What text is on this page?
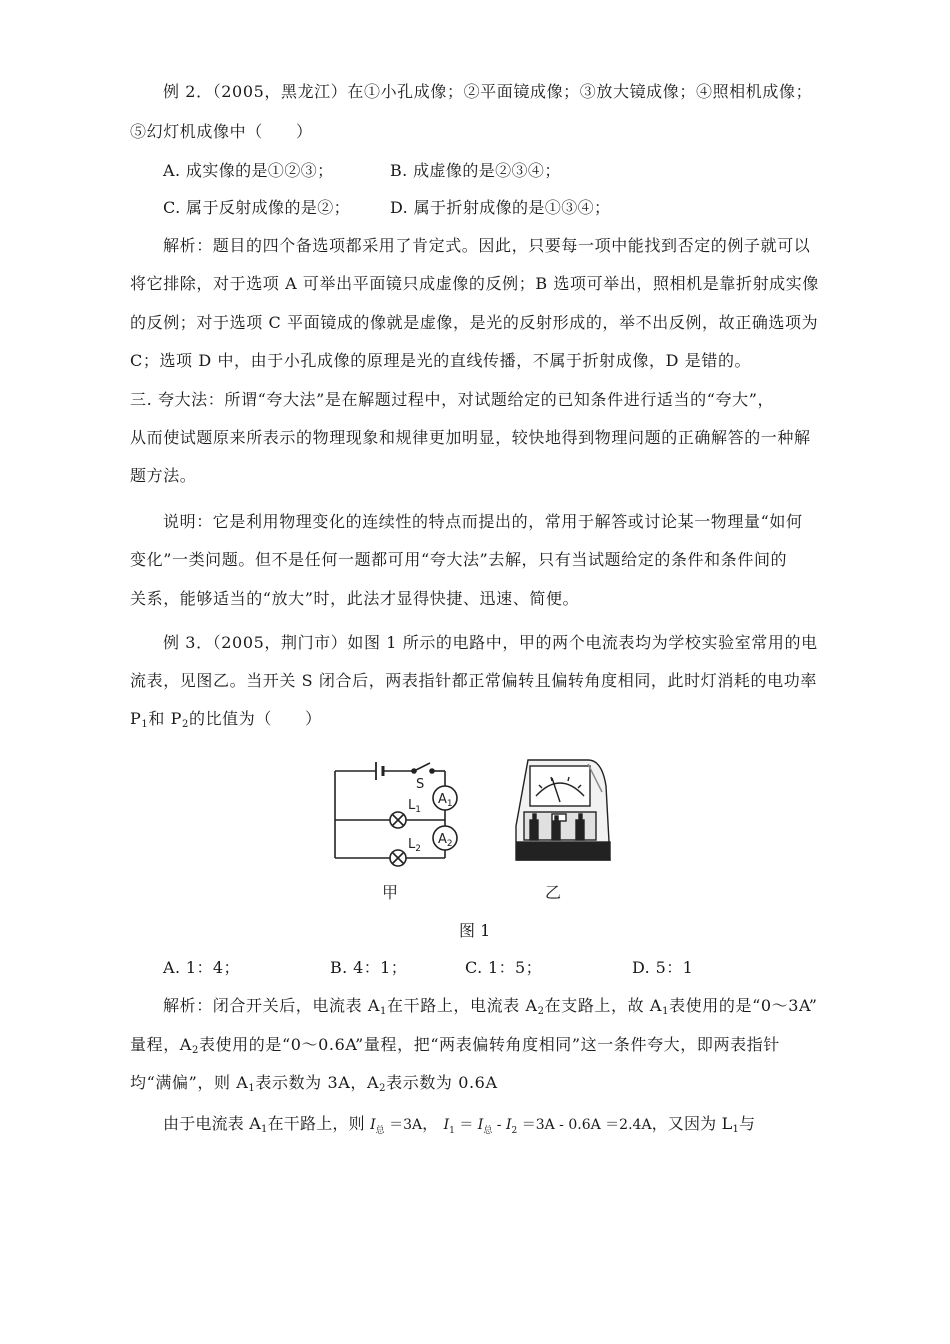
例 2．（2005，黑龙江）在①小孔成像；②平面镜成像；③放大镜成像；④照相机成像；
⑤幻灯机成像中（　　）
A. 成实像的是①②③；	B. 成虚像的是②③④；
C. 属于反射成像的是②； D. 属于折射成像的是①③④；
解析：题目的四个备选项都采用了肯定式。因此，只要每一项中能找到否定的例子就可以
将它排除，对于选项 A 可举出平面镜只成虚像的反例；B 选项可举出，照相机是靠折射成实像
的反例；对于选项 C 平面镜成的像就是虚像，是光的反射形成的，举不出反例，故正确选项为
C；选项 D 中，由于小孔成像的原理是光的直线传播，不属于折射成像，D 是错的。
三. 夸大法：所谓“夸大法”是在解题过程中，对试题给定的已知条件进行适当的“夸大”，
从而使试题原来所表示的物理现象和规律更加明显，较快地得到物理问题的正确解答的一种解
题方法。
说明：它是利用物理变化的连续性的特点而提出的，常用于解答或讨论某一物理量“如何
变化”一类问题。但不是任何一题都可用“夸大法”去解，只有当试题给定的条件和条件间的
关系，能够适当的“放大”时，此法才显得快捷、迅速、简便。
例 3．（2005，荆门市）如图 1 所示的电路中，甲的两个电流表均为学校实验室常用的电
流表，见图乙。当开关 S 闭合后，两表指针都正常偏转且偏转角度相同，此时灯消耗的电功率
$P_1$和 $P_2$的比值为（　　）
S
$A_1$
$A_2$
$L_1$
$L_2$
甲	乙
图 1
A. 1：4；	B. 4：1；	C. 1：5；	D. 5：1
解析：闭合开关后，电流表 $A_1$在干路上，电流表 $A_2$在支路上，故 $A_1$表使用的是“0～3A”
量程，$A_2$表使用的是“0～0.6A”量程，把“两表偏转角度相同”这一条件夸大，即两表指针
均“满偏”，则 $A_1$表示数为 3A，$A_2$表示数为 0.6A
由于电流表 $A_1$在干路上，则 $I_总 =3A$， $I_1 = I_总 - I_2 =3A - 0.6A =2.4A$，又因为 $L_1$与
